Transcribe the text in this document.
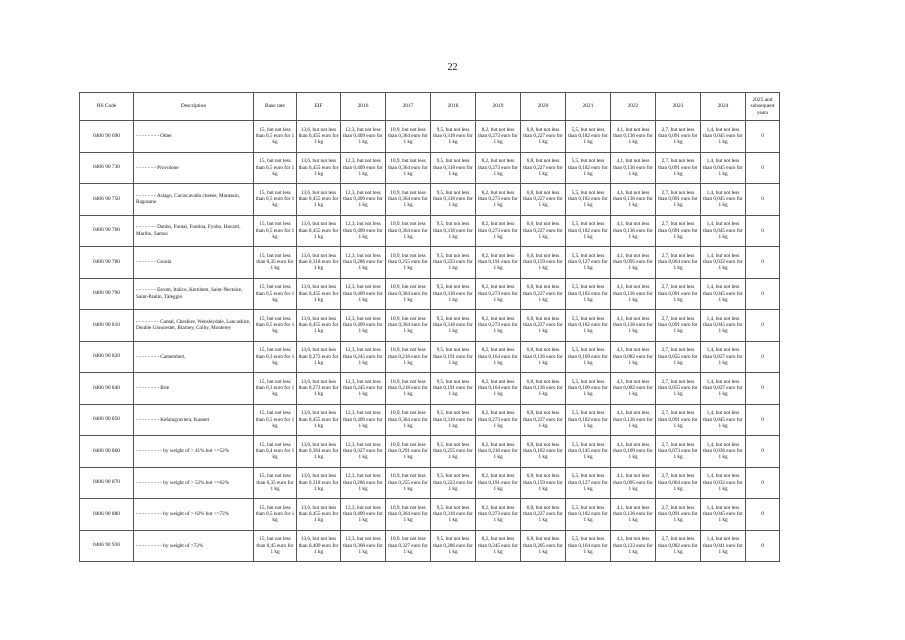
22
HS Code	Description	Base rate	EIF	2016	2017	2018	2019	2020	2021	2022	2023	2024	2025 and subsequent years
0406 90 690	- - - - - - - - Other	15, but not less than 0,5 euro for 1 kg	13,6, but not less than 0,455 euro for 1 kg	12,3, but not less than 0,409 euro for 1 kg	10,9, but not less than 0,364 euro for 1 kg	9,5, but not less than 0,318 euro for 1 kg	8,2, but not less than 0,273 euro for 1 kg	6,8, but not less than 0,227 euro for 1 kg	5,5, but not less than 0,182 euro for 1 kg	4,1, but not less than 0,136 euro for 1 kg	2,7, but not less than 0,091 euro for 1 kg	1,4, but not less than 0,045 euro for 1 kg	0
0406 90 730	- - - - - - - Provolone	15, but not less than 0,5 euro for 1 kg	13,6, but not less than 0,455 euro for 1 kg	12,3, but not less than 0,409 euro for 1 kg	10,9, but not less than 0,364 euro for 1 kg	9,5, but not less than 0,318 euro for 1 kg	8,2, but not less than 0,273 euro for 1 kg	6,8, but not less than 0,227 euro for 1 kg	5,5, but not less than 0,182 euro for 1 kg	4,1, but not less than 0,136 euro for 1 kg	2,7, but not less than 0,091 euro for 1 kg	1,4, but not less than 0,045 euro for 1 kg	0
0406 90 750	- - - - - - - Asiago, Caciocavallo cheese, Montasio, Ragusano	15, but not less than 0,5 euro for 1 kg	13,6, but not less than 0,455 euro for 1 kg	12,3, but not less than 0,409 euro for 1 kg	10,9, but not less than 0,364 euro for 1 kg	9,5, but not less than 0,318 euro for 1 kg	8,2, but not less than 0,273 euro for 1 kg	6,8, but not less than 0,227 euro for 1 kg	5,5, but not less than 0,182 euro for 1 kg	4,1, but not less than 0,136 euro for 1 kg	2,7, but not less than 0,091 euro for 1 kg	1,4, but not less than 0,045 euro for 1 kg	0
0406 90 760	- - - - - - - Danbo, Fontal, Fontina, Fynbo, Havarti, Maribo, Samso	15, but not less than 0,5 euro for 1 kg	13,6, but not less than 0,455 euro for 1 kg	12,3, but not less than 0,409 euro for 1 kg	10,9, but not less than 0,364 euro for 1 kg	9,5, but not less than 0,318 euro for 1 kg	8,2, but not less than 0,273 euro for 1 kg	6,8, but not less than 0,227 euro for 1 kg	5,5, but not less than 0,182 euro for 1 kg	4,1, but not less than 0,136 euro for 1 kg	2,7, but not less than 0,091 euro for 1 kg	1,4, but not less than 0,045 euro for 1 kg	0
0406 90 780	- - - - - - - Gouda	15, but not less than 0,35 euro for 1 kg	13,6, but not less than 0,318 euro for 1 kg	12,3, but not less than 0,286 euro for 1 kg	10,9, but not less than 0,255 euro for 1 kg	9,5, but not less than 0,223 euro for 1 kg	8,2, but not less than 0,191 euro for 1 kg	6,8, but not less than 0,159 euro for 1 kg	5,5, but not less than 0,127 euro for 1 kg	4,1, but not less than 0,095 euro for 1 kg	2,7, but not less than 0,064 euro for 1 kg	1,4, but not less than 0,032 euro for 1 kg	0
0406 90 790	- - - - - - - Esrom, Italico, Kernhem, Saint-Nectaire, Saint-Paulin, Taleggio	15, but not less than 0,5 euro for 1 kg	13,6, but not less than 0,455 euro for 1 kg	12,3, but not less than 0,409 euro for 1 kg	10,9, but not less than 0,364 euro for 1 kg	9,5, but not less than 0,318 euro for 1 kg	8,2, but not less than 0,273 euro for 1 kg	6,8, but not less than 0,227 euro for 1 kg	5,5, but not less than 0,182 euro for 1 kg	4,1, but not less than 0,136 euro for 1 kg	2,7, but not less than 0,091 euro for 1 kg	1,4, but not less than 0,045 euro for 1 kg	0
0406 90 810	- - - - - - - - Cantal, Cheshire, Wensleydale, Lancashire, Double Gloucester, Blarney, Colby, Monterey	15, but not less than 0,5 euro for 1 kg	13,6, but not less than 0,455 euro for 1 kg	12,3, but not less than 0,409 euro for 1 kg	10,9, but not less than 0,364 euro for 1 kg	9,5, but not less than 0,318 euro for 1 kg	8,2, but not less than 0,273 euro for 1 kg	6,8, but not less than 0,227 euro for 1 kg	5,5, but not less than 0,182 euro for 1 kg	4,1, but not less than 0,136 euro for 1 kg	2,7, but not less than 0,091 euro for 1 kg	1,4, but not less than 0,045 euro for 1 kg	0
0406 90 820	- - - - - - - - Camembert,	15, but not less than 0,3 euro for 1 kg	13,6, but not less than 0,273 euro for 1 kg	12,3, but not less than 0,245 euro for 1 kg	10,9, but not less than 0,218 euro for 1 kg	9,5, but not less than 0,191 euro for 1 kg	8,2, but not less than 0,164 euro for 1 kg	6,8, but not less than 0,136 euro for 1 kg	5,5, but not less than 0,109 euro for 1 kg	4,1, but not less than 0,082 euro for 1 kg	2,7, but not less than 0,055 euro for 1 kg	1,4, but not less than 0,027 euro for 1 kg	0
0406 90 840	- - - - - - - - Brie	15, but not less than 0,3 euro for 1 kg	13,6, but not less than 0,273 euro for 1 kg	12,3, but not less than 0,245 euro for 1 kg	10,9, but not less than 0,218 euro for 1 kg	9,5, but not less than 0,191 euro for 1 kg	8,2, but not less than 0,164 euro for 1 kg	6,8, but not less than 0,136 euro for 1 kg	5,5, but not less than 0,109 euro for 1 kg	4,1, but not less than 0,082 euro for 1 kg	2,7, but not less than 0,055 euro for 1 kg	1,4, but not less than 0,027 euro for 1 kg	0
0406 90 850	- - - - - - - - Kefalograviera, Kasseri	15, but not less than 0,5 euro for 1 kg	13,6, but not less than 0,455 euro for 1 kg	12,3, but not less than 0,409 euro for 1 kg	10,9, but not less than 0,364 euro for 1 kg	9,5, but not less than 0,318 euro for 1 kg	8,2, but not less than 0,273 euro for 1 kg	6,8, but not less than 0,227 euro for 1 kg	5,5, but not less than 0,182 euro for 1 kg	4,1, but not less than 0,136 euro for 1 kg	2,7, but not less than 0,091 euro for 1 kg	1,4, but not less than 0,045 euro for 1 kg	0
0406 90 860	- - - - - - - - - by weight of > 41% but <=52%	15, but not less than 0,4 euro for 1 kg	13,6, but not less than 0,364 euro for 1 kg	12,3, but not less than 0,327 euro for 1 kg	10,9, but not less than 0,291 euro for 1 kg	9,5, but not less than 0,255 euro for 1 kg	8,2, but not less than 0,218 euro for 1 kg	6,8, but not less than 0,182 euro for 1 kg	5,5, but not less than 0,145 euro for 1 kg	4,1, but not less than 0,109 euro for 1 kg	2,7, but not less than 0,073 euro for 1 kg	1,4, but not less than 0,036 euro for 1 kg	0
0406 90 870	- - - - - - - - - by weight of > 52% but <=62%	15, but not less than 0,35 euro for 1 kg	13,6, but not less than 0,318 euro for 1 kg	12,3, but not less than 0,286 euro for 1 kg	10,9, but not less than 0,255 euro for 1 kg	9,5, but not less than 0,223 euro for 1 kg	8,2, but not less than 0,191 euro for 1 kg	6,8, but not less than 0,159 euro for 1 kg	5,5, but not less than 0,127 euro for 1 kg	4,1, but not less than 0,095 euro for 1 kg	2,7, but not less than 0,064 euro for 1 kg	1,4, but not less than 0,032 euro for 1 kg	0
0406 90 880	- - - - - - - - - by weight of > 62% but <=72%	15, but not less than 0,5 euro for 1 kg	13,6, but not less than 0,455 euro for 1 kg	12,3, but not less than 0,409 euro for 1 kg	10,9, but not less than 0,364 euro for 1 kg	9,5, but not less than 0,318 euro for 1 kg	8,2, but not less than 0,273 euro for 1 kg	6,8, but not less than 0,227 euro for 1 kg	5,5, but not less than 0,182 euro for 1 kg	4,1, but not less than 0,136 euro for 1 kg	2,7, but not less than 0,091 euro for 1 kg	1,4, but not less than 0,045 euro for 1 kg	0
0406 90 930	- - - - - - - - - by weight of >72%	15, but not less than 0,45 euro for 1 kg	13,6, but not less than 0,409 euro for 1 kg	12,3, but not less than 0,368 euro for 1 kg	10,9, but not less than 0,327 euro for 1 kg	9,5, but not less than 0,286 euro for 1 kg	8,2, but not less than 0,245 euro for 1 kg	6,8, but not less than 0,205 euro for 1 kg	5,5, but not less than 0,164 euro for 1 kg	4,1, but not less than 0,123 euro for 1 kg	2,7, but not less than 0,082 euro for 1 kg	1,4, but not less than 0,041 euro for 1 kg	0
